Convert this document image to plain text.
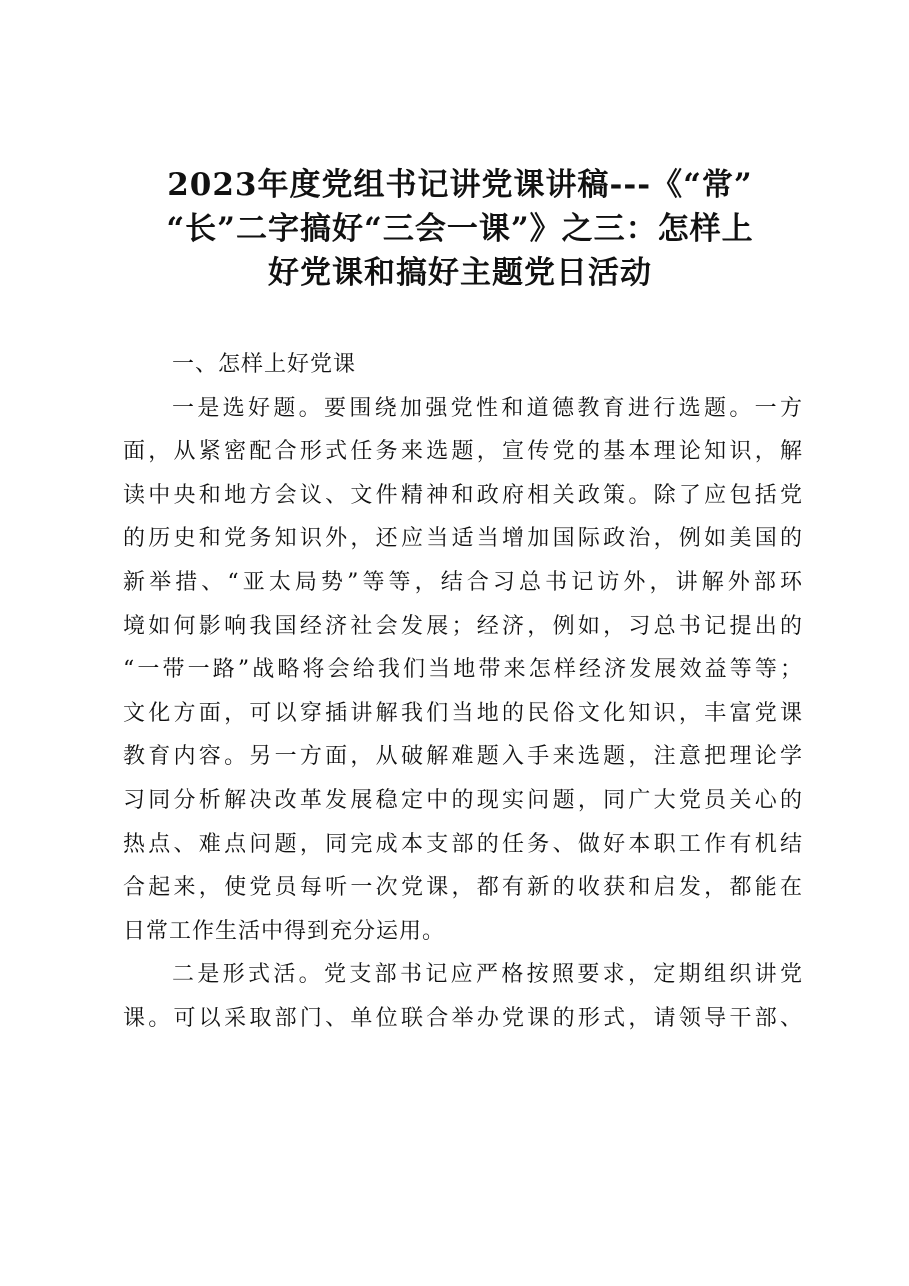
2023年度党组书记讲党课讲稿---《“常”
“长”二字搞好“三会一课”》之三：怎样上
好党课和搞好主题党日活动
一、怎样上好党课
一是选好题。要围绕加强党性和道德教育进行选题。一方
面，从紧密配合形式任务来选题，宣传党的基本理论知识，解
读中央和地方会议、文件精神和政府相关政策。除了应包括党
的历史和党务知识外，还应当适当增加国际政治，例如美国的
新举措、“亚太局势”等等，结合习总书记访外，讲解外部环
境如何影响我国经济社会发展；经济，例如，习总书记提出的
“一带一路”战略将会给我们当地带来怎样经济发展效益等等；
文化方面，可以穿插讲解我们当地的民俗文化知识，丰富党课
教育内容。另一方面，从破解难题入手来选题，注意把理论学
习同分析解决改革发展稳定中的现实问题，同广大党员关心的
热点、难点问题，同完成本支部的任务、做好本职工作有机结
合起来，使党员每听一次党课，都有新的收获和启发，都能在
日常工作生活中得到充分运用。
二是形式活。党支部书记应严格按照要求，定期组织讲党
课。可以采取部门、单位联合举办党课的形式，请领导干部、
